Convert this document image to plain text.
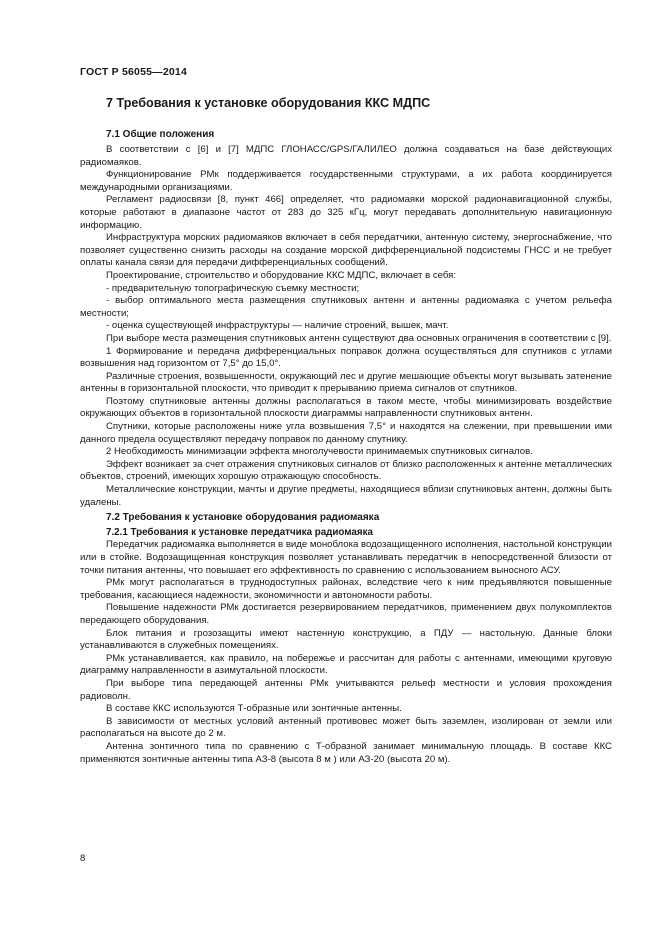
ГОСТ Р 56055—2014
7 Требования к установке оборудования ККС МДПС
7.1 Общие положения

В соответствии с [6] и [7] МДПС ГЛОНАСС/GPS/ГАЛИЛЕО должна создаваться на базе действующих радиомаяков.

Функционирование РМк поддерживается государственными структурами, а их работа координируется международными организациями.

Регламент радиосвязи [8, пункт 466] определяет, что радиомаяки морской радионавигационной службы, которые работают в диапазоне частот от 283 до 325 кГц, могут передавать дополнительную навигационную информацию.

Инфраструктура морских радиомаяков включает в себя передатчики, антенную систему, энергоснабжение, что позволяет существенно снизить расходы на создание морской дифференциальной подсистемы ГНСС и не требует оплаты канала связи для передачи дифференциальных сообщений.

Проектирование, строительство и оборудование ККС МДПС, включает в себя:

- предварительную топографическую съемку местности;

- выбор оптимального места размещения спутниковых антенн и антенны радиомаяка с учетом рельефа местности;

- оценка существующей инфраструктуры — наличие строений, вышек, мачт.

При выборе места размещения спутниковых антенн существуют два основных ограничения в соответствии с [9].

1 Формирование и передача дифференциальных поправок должна осуществляться для спутников с углами возвышения над горизонтом от 7,5° до 15,0°.

Различные строения, возвышенности, окружающий лес и другие мешающие объекты могут вызывать затенение антенны в горизонтальной плоскости, что приводит к прерыванию приема сигналов от спутников.

Поэтому спутниковые антенны должны располагаться в таком месте, чтобы минимизировать воздействие окружающих объектов в горизонтальной плоскости диаграммы направленности спутниковых антенн.

Спутники, которые расположены ниже угла возвышения 7,5° и находятся на слежении, при превышении ими данного предела осуществляют передачу поправок по данному спутнику.

2 Необходимость минимизации эффекта многолучевости принимаемых спутниковых сигналов.

Эффект возникает за счет отражения спутниковых сигналов от близко расположенных к антенне металлических объектов, строений, имеющих хорошую отражающую способность.

Металлические конструкции, мачты и другие предметы, находящиеся вблизи спутниковых антенн, должны быть удалены.

7.2 Требования к установке оборудования радиомаяка
7.2.1 Требования к установке передатчика радиомаяка

Передатчик радиомаяка выполняется в виде моноблока водозащищенного исполнения, настольной конструкции или в стойке. Водозащищенная конструкция позволяет устанавливать передатчик в непосредственной близости от точки питания антенны, что повышает его эффективность по сравнению с использованием выносного АСУ.

РМк могут располагаться в труднодоступных районах, вследствие чего к ним предъявляются повышенные требования, касающиеся надежности, экономичности и автономности работы.

Повышение надежности РМк достигается резервированием передатчиков, применением двух полукомплектов передающего оборудования.

Блок питания и грозозащиты имеют настенную конструкцию, а ПДУ — настольную. Данные блоки устанавливаются в служебных помещениях.

РМк устанавливается, как правило, на побережье и рассчитан для работы с антеннами, имеющими круговую диаграмму направленности в азимутальной плоскости.

При выборе типа передающей антенны РМк учитываются рельеф местности и условия прохождения радиоволн.

В составе ККС используются Т-образные или зонтичные антенны.

В зависимости от местных условий антенный противовес может быть заземлен, изолирован от земли или располагаться на высоте до 2 м.

Антенна зонтичного типа по сравнению с Т-образной занимает минимальную площадь. В составе ККС применяются зонтичные антенны типа АЗ-8 (высота 8 м ) или АЗ-20 (высота 20 м).

8
